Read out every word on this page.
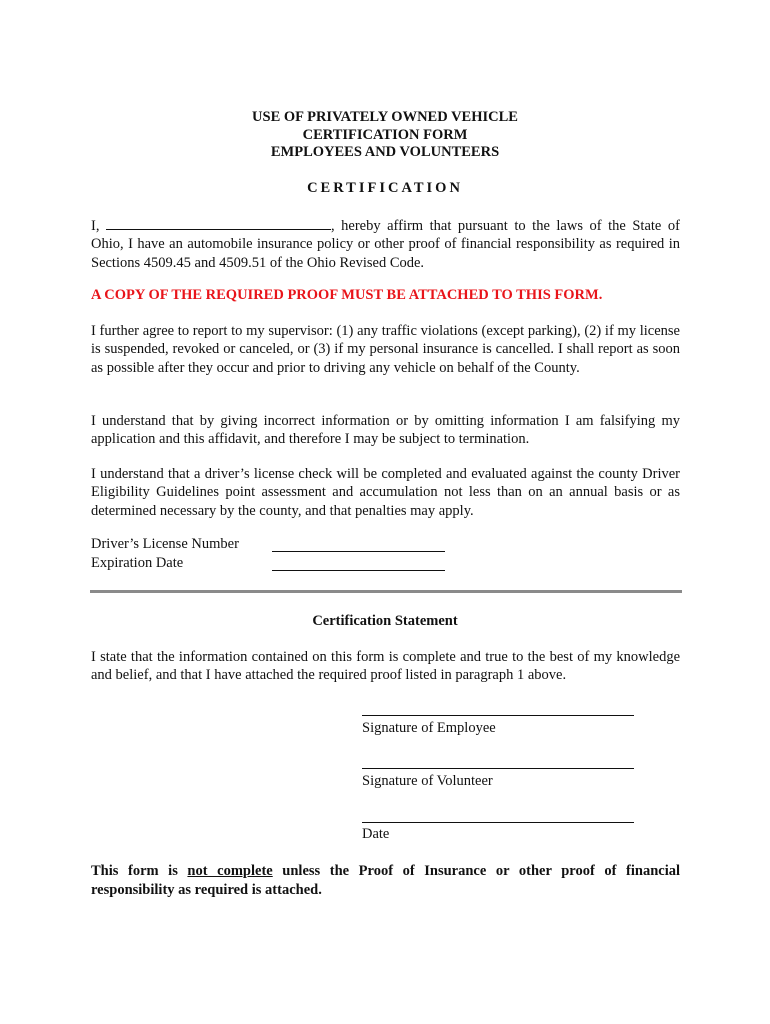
USE OF PRIVATELY OWNED VEHICLE
CERTIFICATION FORM
EMPLOYEES AND VOLUNTEERS
CERTIFICATION
I,	, hereby affirm that pursuant to the laws of the State of Ohio, I have an automobile insurance policy or other proof of financial responsibility as required in Sections 4509.45 and 4509.51 of the Ohio Revised Code.
A COPY OF THE REQUIRED PROOF MUST BE ATTACHED TO THIS FORM.
I further agree to report to my supervisor: (1) any traffic violations (except parking), (2) if my license is suspended, revoked or canceled, or (3) if my personal insurance is cancelled. I shall report as soon as possible after they occur and prior to driving any vehicle on behalf of the County.
I understand that by giving incorrect information or by omitting information I am falsifying my application and this affidavit, and therefore I may be subject to termination.
I understand that a driver’s license check will be completed and evaluated against the county Driver Eligibility Guidelines point assessment and accumulation not less than on an annual basis or as determined necessary by the county, and that penalties may apply.
Driver’s License Number
Expiration Date
Certification Statement
I state that the information contained on this form is complete and true to the best of my knowledge and belief, and that I have attached the required proof listed in paragraph 1 above.
Signature of Employee
Signature of Volunteer
Date
This form is not complete unless the Proof of Insurance or other proof of financial responsibility as required is attached.
